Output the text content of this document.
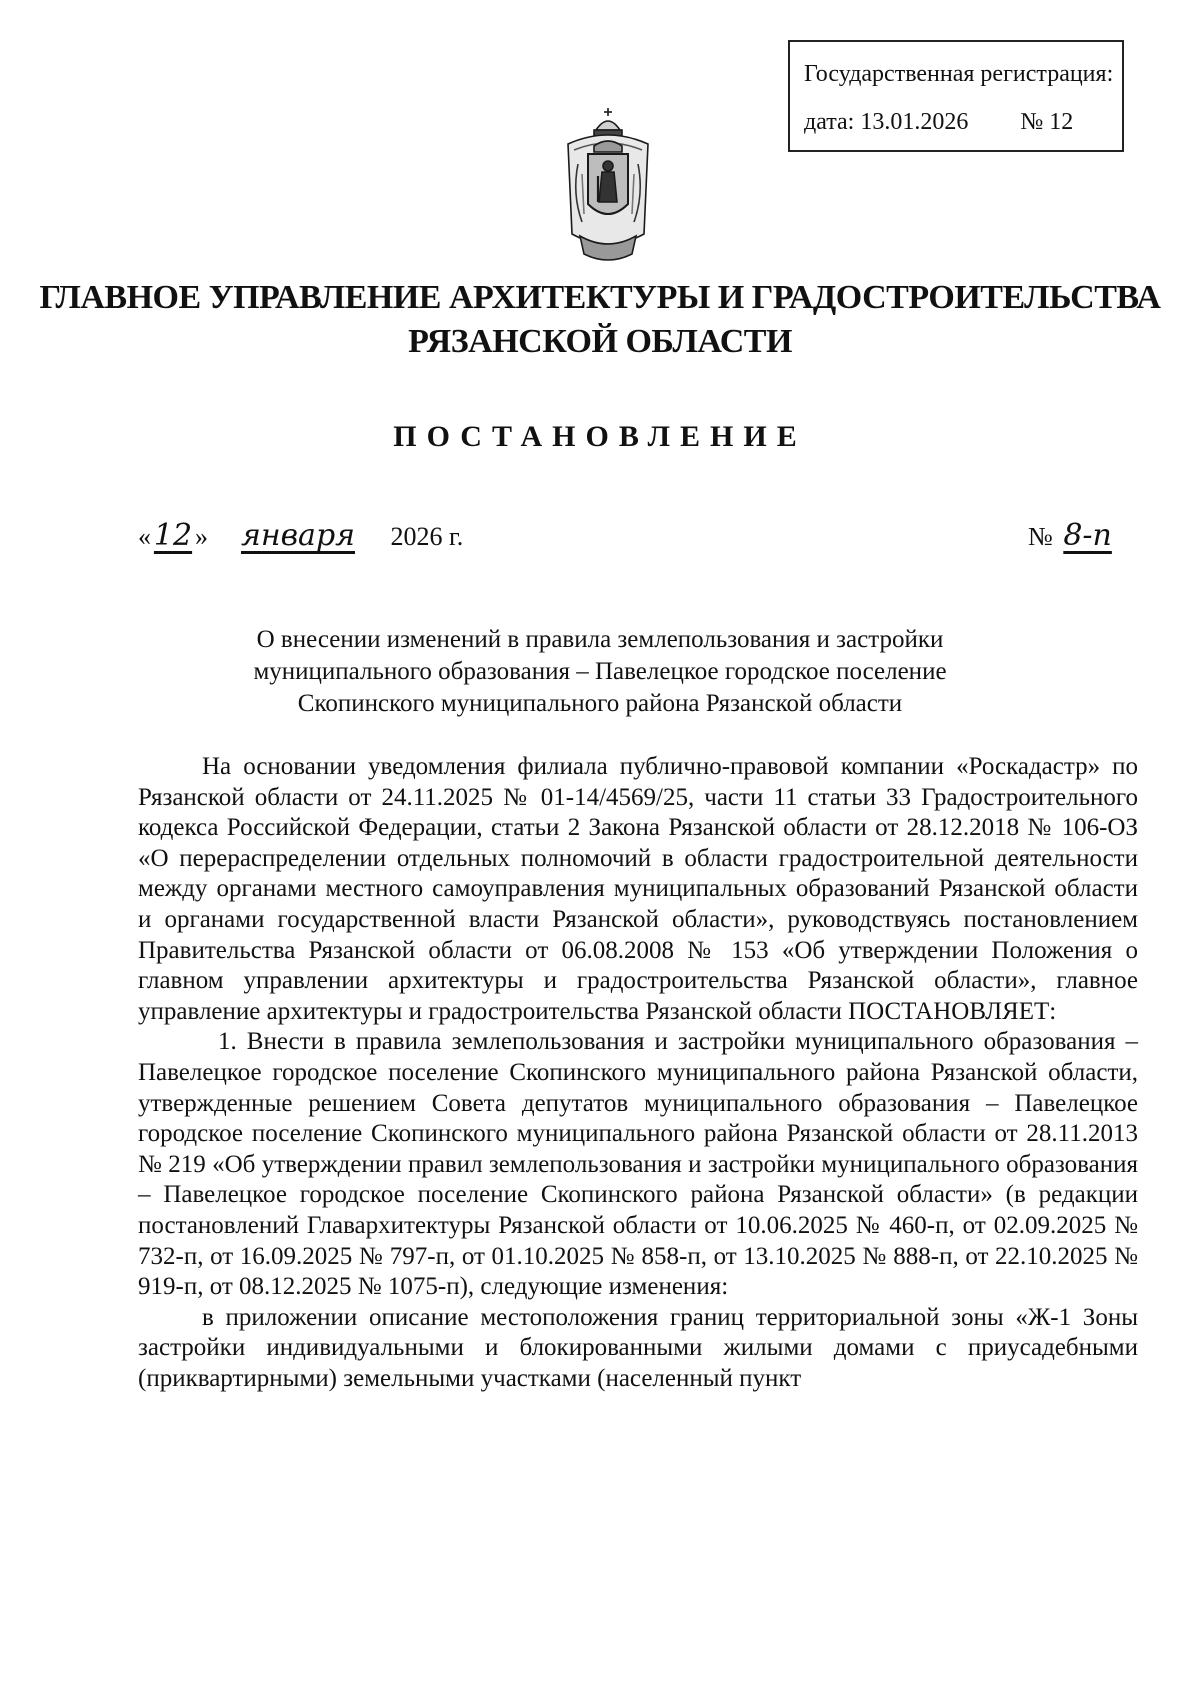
Государственная регистрация:
дата: 13.01.2026 № 12
ГЛАВНОЕ УПРАВЛЕНИЕ АРХИТЕКТУРЫ И ГРАДОСТРОИТЕЛЬСТВА
РЯЗАНСКОЙ ОБЛАСТИ
ПОСТАНОВЛЕНИЕ
«12 » января 2026 г.	№ 8-п
О внесении изменений в правила землепользования и застройки
муниципального образования – Павелецкое городское поселение
Скопинского муниципального района Рязанской области

На основании уведомления филиала публично-правовой компании «Роскадастр» по Рязанской области от 24.11.2025 № 01-14/4569/25, части 11 статьи 33 Градостроительного кодекса Российской Федерации, статьи 2 Закона Рязанской области от 28.12.2018 № 106-ОЗ «О перераспределении отдельных полномочий в области градостроительной деятельности между органами местного самоуправления муниципальных образований Рязанской области и органами государственной власти Рязанской области», руководствуясь постановлением Правительства Рязанской области от 06.08.2008 № 153 «Об утверждении Положения о главном управлении архитектуры и градостроительства Рязанской области», главное управление архитектуры и градостроительства Рязанской области ПОСТАНОВЛЯЕТ:

1. Внести в правила землепользования и застройки муниципального образования – Павелецкое городское поселение Скопинского муниципального района Рязанской области, утвержденные решением Совета депутатов муниципального образования – Павелецкое городское поселение Скопинского муниципального района Рязанской области от 28.11.2013 № 219 «Об утверждении правил землепользования и застройки муниципального образования – Павелецкое городское поселение Скопинского района Рязанской области» (в редакции постановлений Главархитектуры Рязанской области от 10.06.2025 № 460-п, от 02.09.2025 № 732-п, от 16.09.2025 № 797-п, от 01.10.2025 № 858-п, от 13.10.2025 № 888-п, от 22.10.2025 № 919-п, от 08.12.2025 № 1075-п), следующие изменения:

в приложении описание местоположения границ территориальной зоны «Ж-1 Зоны застройки индивидуальными и блокированными жилыми домами с приусадебными (приквартирными) земельными участками (населенный пункт
